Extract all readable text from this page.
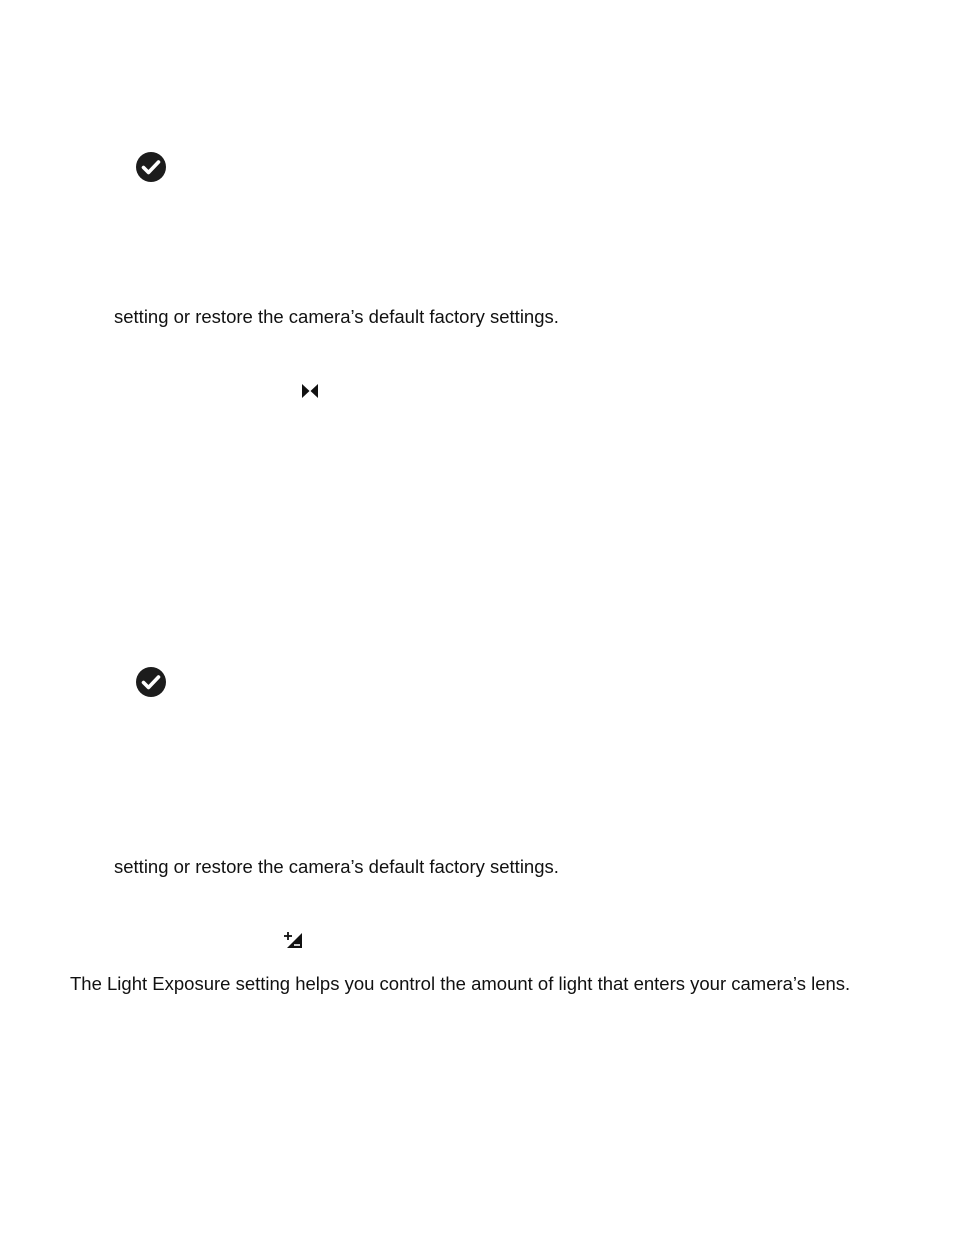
setting or restore the camera’s default factory settings.
setting or restore the camera’s default factory settings.
The Light Exposure setting helps you control the amount of light that enters your camera’s lens.
